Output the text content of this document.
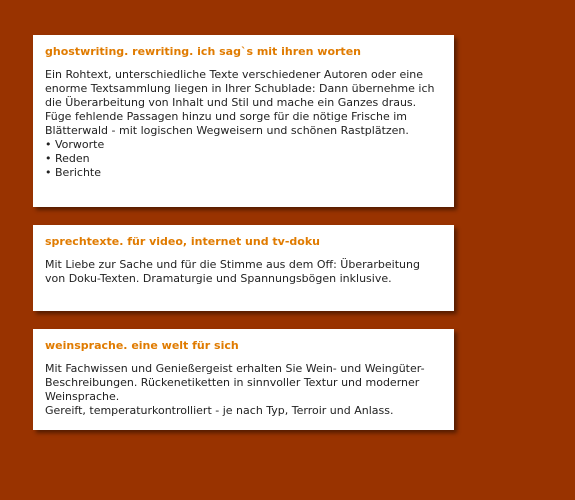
ghostwriting. rewriting. ich sag`s mit ihren worten

Ein Rohtext, unterschiedliche Texte verschiedener Autoren oder eine enorme Textsammlung liegen in Ihrer Schublade: Dann übernehme ich die Überarbeitung von Inhalt und Stil und mache ein Ganzes draus.

Füge fehlende Passagen hinzu und sorge für die nötige Frische im Blätterwald - mit logischen Wegweisern und schönen Rastplätzen.

• Vorworte
• Reden
• Berichte
sprechtexte. für video, internet und tv-doku

Mit Liebe zur Sache und für die Stimme aus dem Off: Überarbeitung von Doku-Texten. Dramaturgie und Spannungsbögen inklusive.

weinsprache. eine welt für sich

Mit Fachwissen und Genießergeist erhalten Sie Wein- und Weingüter-Beschreibungen. Rückenetiketten in sinnvoller Textur und moderner Weinsprache.

Gereift, temperaturkontrolliert - je nach Typ, Terroir und Anlass.
